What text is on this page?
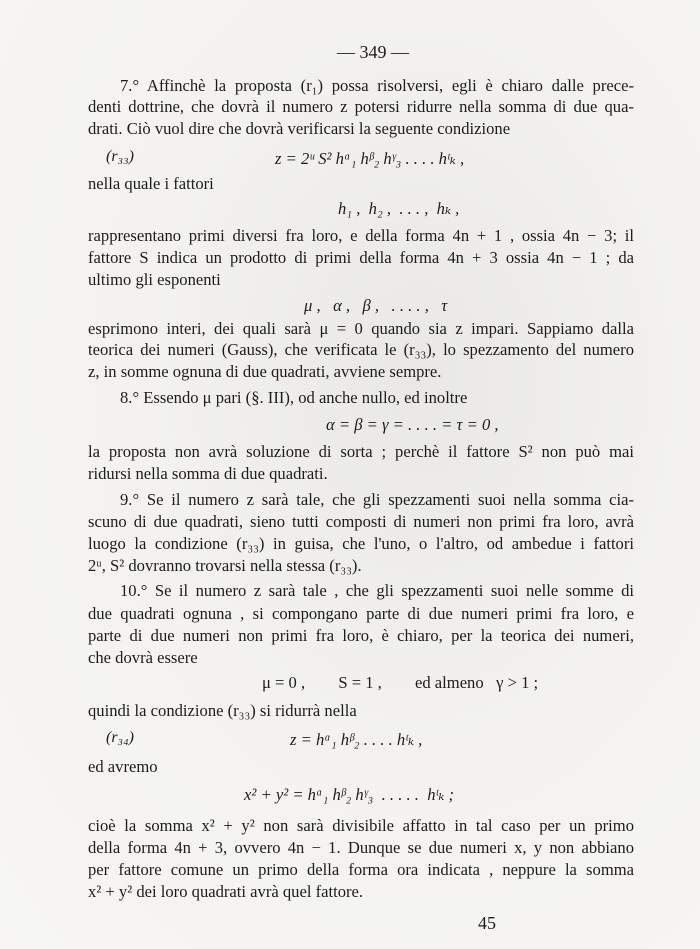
— 349 —
7.° Affinchè la proposta (r₁) possa risolversi, egli è chiaro dalle prece-
denti dottrine, che dovrà il numero z potersi ridurre nella somma di due qua-
drati. Ciò vuol dire che dovrà verificarsi la seguente condizione
(r₃₃)	z = 2ᵘ S² hᵅ₁ hᵝ₂ hᵞ₃ . . . . hᵗₖ ,
nella quale i fattori
h₁ ,  h₂ ,  . . . ,  hₖ ,
rappresentano primi diversi fra loro, e della forma 4n + 1 , ossia 4n − 3; il
fattore S indica un prodotto di primi della forma 4n + 3 ossia 4n − 1 ; da
ultimo gli esponenti
μ ,   α ,   β ,   . . . . ,   τ
esprimono interi, dei quali sarà μ = 0 quando sia z impari. Sappiamo dalla
teorica dei numeri (Gauss), che verificata le (r₃₃), lo spezzamento del numero
z, in somme ognuna di due quadrati, avviene sempre.
8.° Essendo μ pari (§. III), od anche nullo, ed inoltre
α = β = γ = . . . . = τ = 0 ,
la proposta non avrà soluzione di sorta ; perchè il fattore S² non può mai
ridursi nella somma di due quadrati.
9.° Se il numero z sarà tale, che gli spezzamenti suoi nella somma cia-
scuno di due quadrati, sieno tutti composti di numeri non primi fra loro, avrà
luogo la condizione (r₃₃) in guisa, che l'uno, o l'altro, od ambedue i fattori
2ᵘ, S² dovranno trovarsi nella stessa (r₃₃).
10.° Se il numero z sarà tale , che gli spezzamenti suoi nelle somme di
due quadrati ognuna , si compongano parte di due numeri primi fra loro, e
parte di due numeri non primi fra loro, è chiaro, per la teorica dei numeri,
che dovrà essere
μ = 0 ,        S = 1 ,        ed almeno   γ > 1 ;
quindi la condizione (r₃₃) si ridurrà nella
(r₃₄)	z = hᵅ₁ hᵝ₂ . . . . hᵗₖ ,
ed avremo
x² + y² = hᵅ₁ hᵝ₂ hᵞ₃  . . . . .  hᵗₖ ;
cioè la somma x² + y² non sarà divisibile affatto in tal caso per un primo
della forma 4n + 3, ovvero 4n − 1. Dunque se due numeri x, y non abbiano
per fattore comune un primo della forma ora indicata , neppure la somma
x² + y² dei loro quadrati avrà quel fattore.
45
